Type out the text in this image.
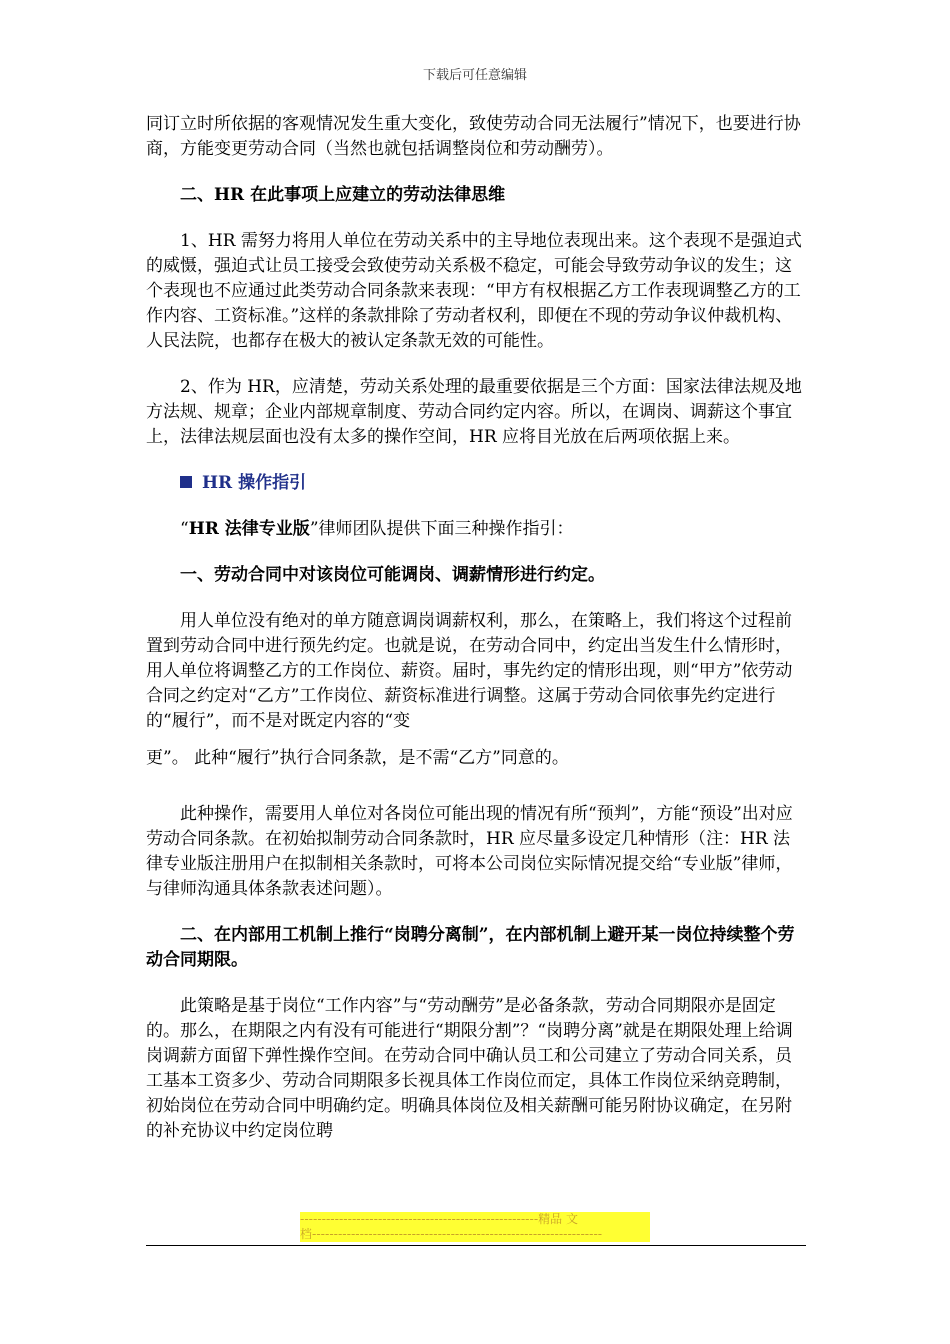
下载后可任意编辑

同订立时所依据的客观情况发生重大变化，致使劳动合同无法履行”情况下，也要进行协商，方能变更劳动合同（当然也就包括调整岗位和劳动酬劳）。

二、HR 在此事项上应建立的劳动法律思维

1、HR 需努力将用人单位在劳动关系中的主导地位表现出来。这个表现不是强迫式的威慑，强迫式让员工接受会致使劳动关系极不稳定，可能会导致劳动争议的发生；这个表现也不应通过此类劳动合同条款来表现：“甲方有权根据乙方工作表现调整乙方的工作内容、工资标准。”这样的条款排除了劳动者权利，即便在不现的劳动争议仲裁机构、人民法院，也都存在极大的被认定条款无效的可能性。

2、作为 HR，应清楚，劳动关系处理的最重要依据是三个方面：国家法律法规及地方法规、规章；企业内部规章制度、劳动合同约定内容。所以，在调岗、调薪这个事宜上，法律法规层面也没有太多的操作空间，HR 应将目光放在后两项依据上来。

HR 操作指引

“HR 法律专业版”律师团队提供下面三种操作指引：

一、劳动合同中对该岗位可能调岗、调薪情形进行约定。

用人单位没有绝对的单方随意调岗调薪权利，那么，在策略上，我们将这个过程前置到劳动合同中进行预先约定。也就是说，在劳动合同中，约定出当发生什么情形时，用人单位将调整乙方的工作岗位、薪资。届时，事先约定的情形出现，则“甲方”依劳动合同之约定对“乙方”工作岗位、薪资标准进行调整。这属于劳动合同依事先约定进行的“履行”，而不是对既定内容的“变

更”。 此种“履行”执行合同条款，是不需“乙方”同意的。

此种操作，需要用人单位对各岗位可能出现的情况有所“预判”，方能“预设”出对应劳动合同条款。在初始拟制劳动合同条款时，HR 应尽量多设定几种情形（注：HR 法律专业版注册用户在拟制相关条款时，可将本公司岗位实际情况提交给“专业版”律师，与律师沟通具体条款表述问题）。

二、在内部用工机制上推行“岗聘分离制”，在内部机制上避开某一岗位持续整个劳动合同期限。

此策略是基于岗位“工作内容”与“劳动酬劳”是必备条款，劳动合同期限亦是固定的。那么，在期限之内有没有可能进行“期限分割”？“岗聘分离”就是在期限处理上给调岗调薪方面留下弹性操作空间。在劳动合同中确认员工和公司建立了劳动合同关系，员工基本工资多少、劳动合同期限多长视具体工作岗位而定，具体工作岗位采纳竞聘制，初始岗位在劳动合同中明确约定。明确具体岗位及相关薪酬可能另附协议确定，在另附的补充协议中约定岗位聘

-------------------------------------------------------精品 文
档-------------------------------------------------------------------
